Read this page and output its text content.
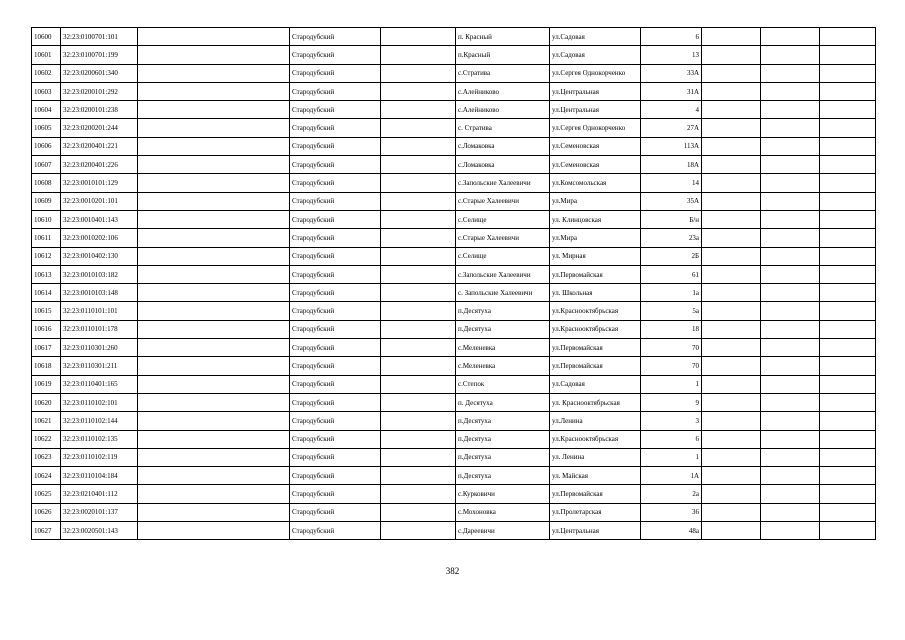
10600	32:23:0100701:101		Стародубский		п. Красный	ул.Садовая	6			
10601	32:23:0100701:199		Стародубский		п.Красный	ул.Садовая	13			
10602	32:23:0200601:340		Стародубский		с.Стратива	ул.Сергея Однокорченко	33А			
10603	32:23:0200101:292		Стародубский		с.Алейниково	ул.Центральная	31А			
10604	32:23:0200101:238		Стародубский		с.Алейниково	ул.Центральная	4			
10605	32:23:0200201:244		Стародубский		с. Стратива	ул.Сергея Однокорченко	27А			
10606	32:23:0200401:221		Стародубский		с.Ломаковка	ул.Семеновская	113А			
10607	32:23:0200401:226		Стародубский		с.Ломаковка	ул.Семеновская	18А			
10608	32:23:0010101:129		Стародубский		с.Запольские Халеевичи	ул.Комсомольская	14			
10609	32:23:0010201:101		Стародубский		с.Старые Халеевичи	ул.Мира	35А			
10610	32:23:0010401:143		Стародубский		с.Селище	ул. Клинцовская	Б/н			
10611	32:23:0010202:106		Стародубский		с.Старые Халеевичи	ул.Мира	23а			
10612	32:23:0010402:130		Стародубский		с.Селище	ул. Мирная	2Б			
10613	32:23:0010103:182		Стародубский		с.Запольские Халеевичи	ул.Первомайская	61			
10614	32:23:0010103:148		Стародубский		с. Запольские Халеевичи	ул. Школьная	1а			
10615	32:23:0110101:101		Стародубский		п.Десятуха	ул.Краснооктябрьская	5а			
10616	32:23:0110101:178		Стародубский		п.Десятуха	ул.Краснооктябрьская	18			
10617	32:23:0110301:260		Стародубский		с.Меленевка	ул.Первомайская	70			
10618	32:23:0110301:211		Стародубский		с.Меленевка	ул.Первомайская	70			
10619	32:23:0110401:165		Стародубский		с.Степок	ул.Садовая	1			
10620	32:23:0110102:101		Стародубский		п. Десятуха	ул. Краснооктябрьская	9			
10621	32:23:0110102:144		Стародубский		п.Десятуха	ул.Ленина	3			
10622	32:23:0110102:135		Стародубский		п.Десятуха	ул.Краснооктябрьская	6			
10623	32:23:0110102:119		Стародубский		п.Десятуха	ул. Ленина	1			
10624	32:23:0110104:184		Стародубский		п.Десятуха	ул. Майская	1А			
10625	32:23:0210401:112		Стародубский		с.Курковичи	ул.Первомайская	2а			
10626	32:23:0020101:137		Стародубский		с.Мохоновка	ул.Пролетарская	36			
10627	32:23:0020501:143		Стародубский		с.Дареевичи	ул.Центральная	48а			
382
